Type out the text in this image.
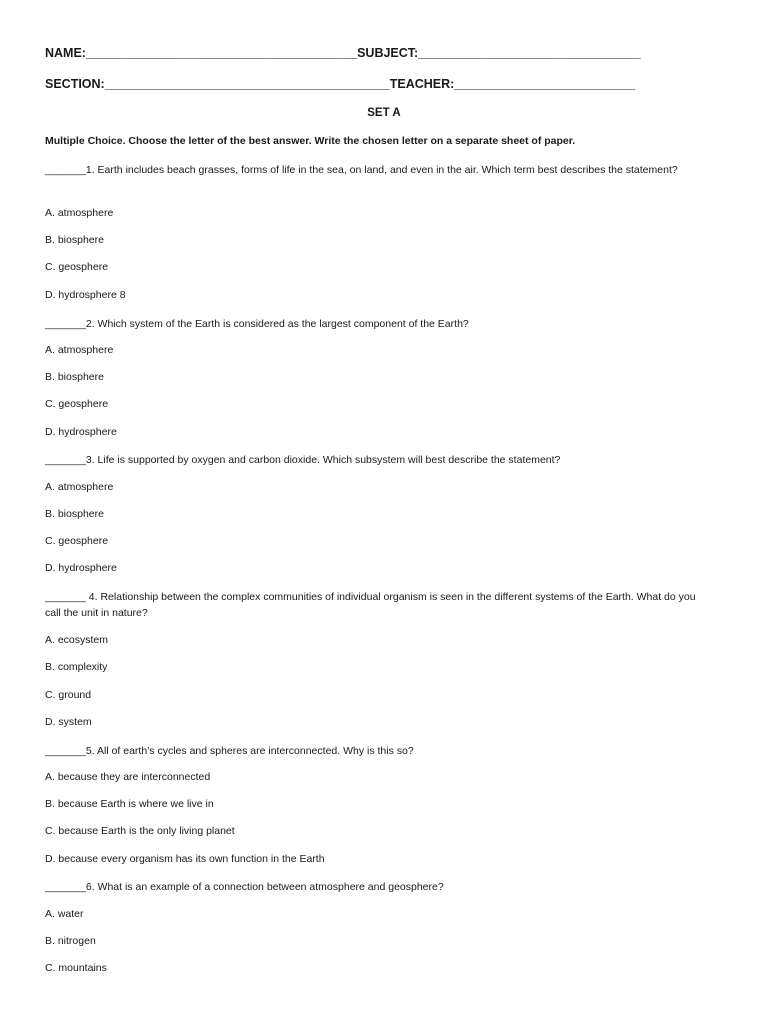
NAME:_______________________________________SUBJECT:________________________________
SECTION:_________________________________________TEACHER:__________________________
SET A
Multiple Choice. Choose the letter of the best answer. Write the chosen letter on a separate sheet of paper.
_______1. Earth includes beach grasses, forms of life in the sea, on land, and even in the air. Which term best describes the statement?
A. atmosphere
B. biosphere
C. geosphere
D. hydrosphere 8
_______2. Which system of the Earth is considered as the largest component of the Earth?
A. atmosphere
B. biosphere
C. geosphere
D. hydrosphere
_______3. Life is supported by oxygen and carbon dioxide. Which subsystem will best describe the statement?
A. atmosphere
B. biosphere
C. geosphere
D. hydrosphere
_______ 4. Relationship between the complex communities of individual organism is seen in the different systems of the Earth. What do you call the unit in nature?
A. ecosystem
B. complexity
C. ground
D. system
_______5. All of earth’s cycles and spheres are interconnected. Why is this so?
A. because they are interconnected
B. because Earth is where we live in
C. because Earth is the only living planet
D. because every organism has its own function in the Earth
_______6. What is an example of a connection between atmosphere and geosphere?
A. water
B. nitrogen
C. mountains
